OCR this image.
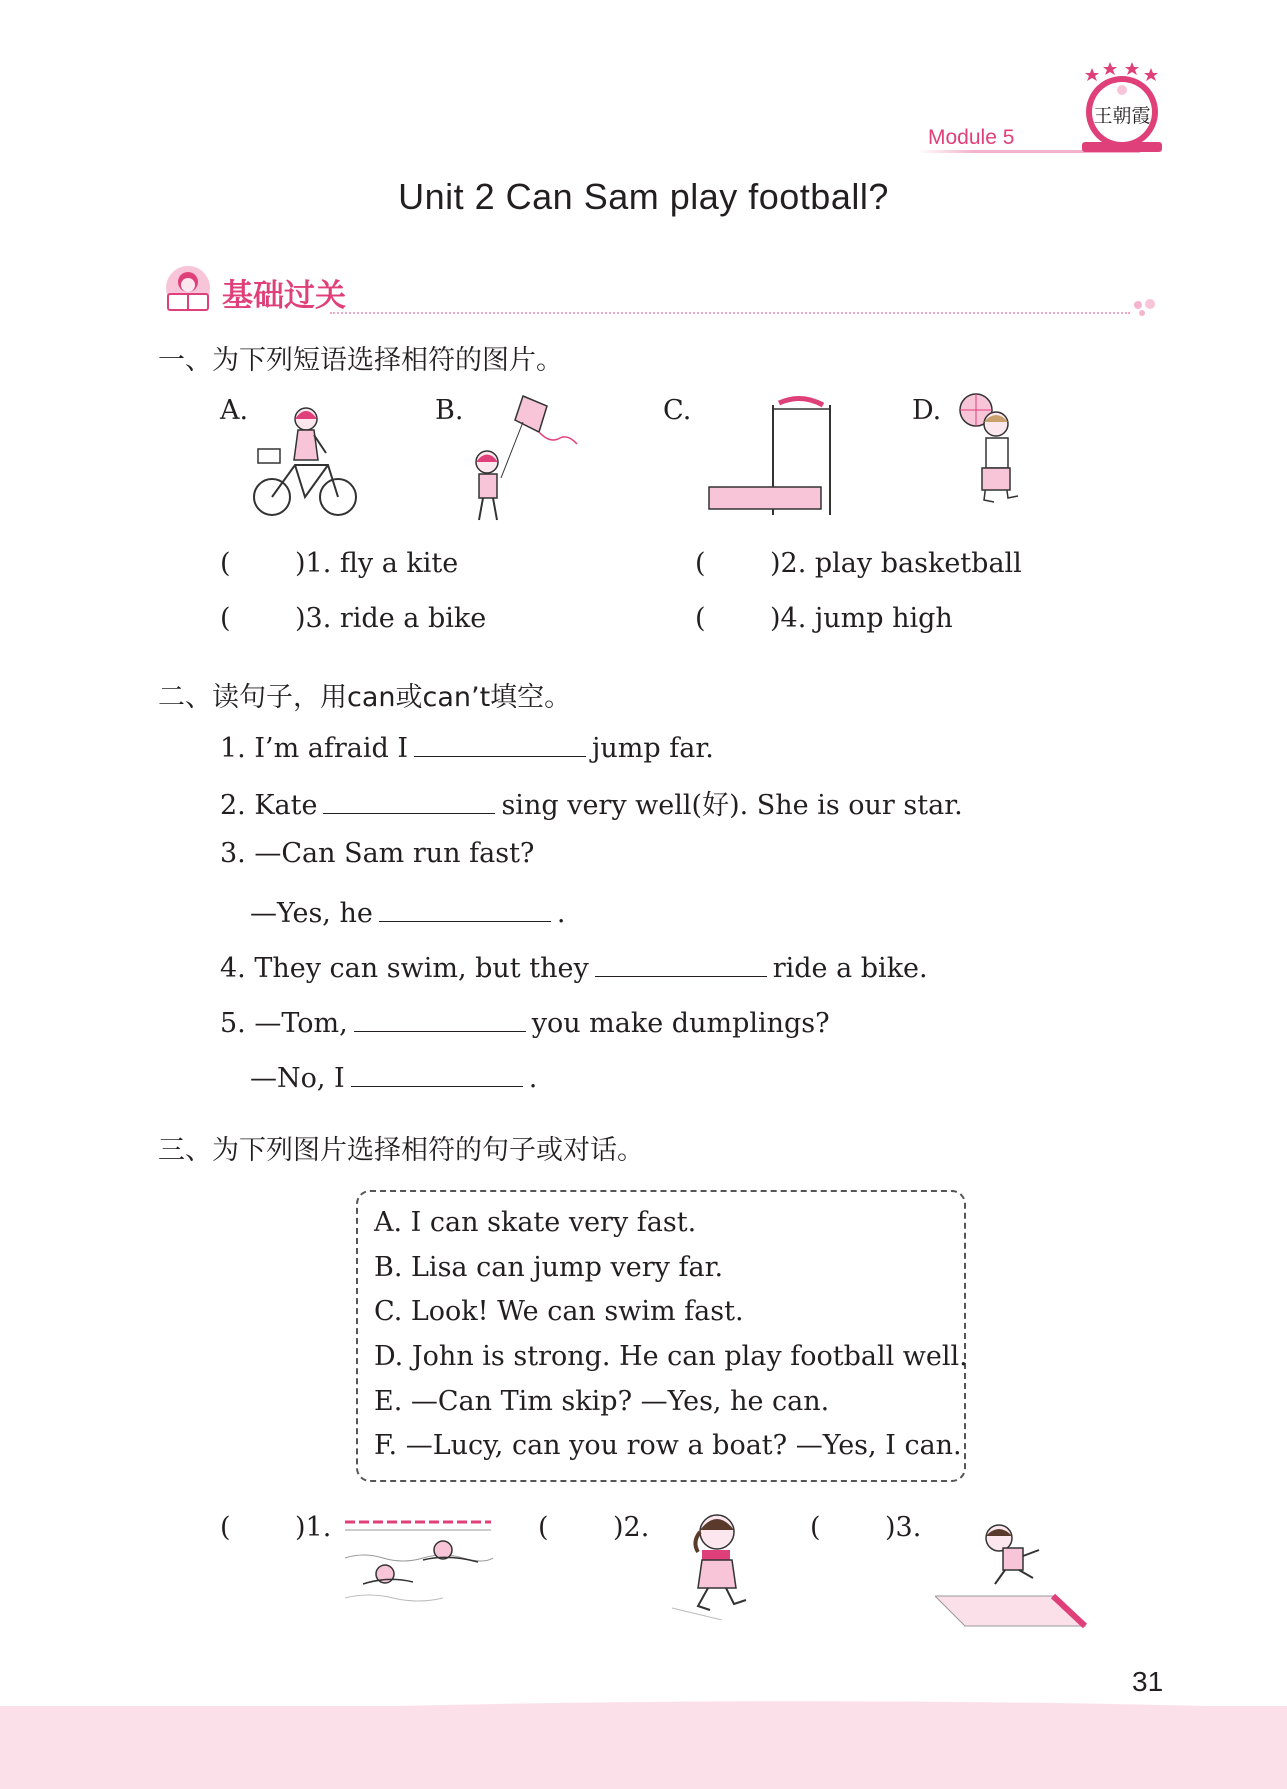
Module 5
王朝霞
Unit 2 Can Sam play football?
基础过关
一、为下列短语选择相符的图片。
A.	B.	C.	D.
( )1. fly a kite	( )2. play basketball
( )3. ride a bike	( )4. jump high
二、读句子，用can或can’t填空。
1. I’m afraid I	jump far.
2. Kate	sing very well(好). She is our star.
3. —Can Sam run fast?
—Yes, he	.
4. They can swim, but they	ride a bike.
5. —Tom,	you make dumplings?
—No, I	.
三、为下列图片选择相符的句子或对话。
A. I can skate very fast.
B. Lisa can jump very far.
C. Look! We can swim fast.
D. John is strong. He can play football well.
E. —Can Tim skip? —Yes, he can.
F. —Lucy, can you row a boat? —Yes, I can.
( )1.	( )2.	( )3.
31
